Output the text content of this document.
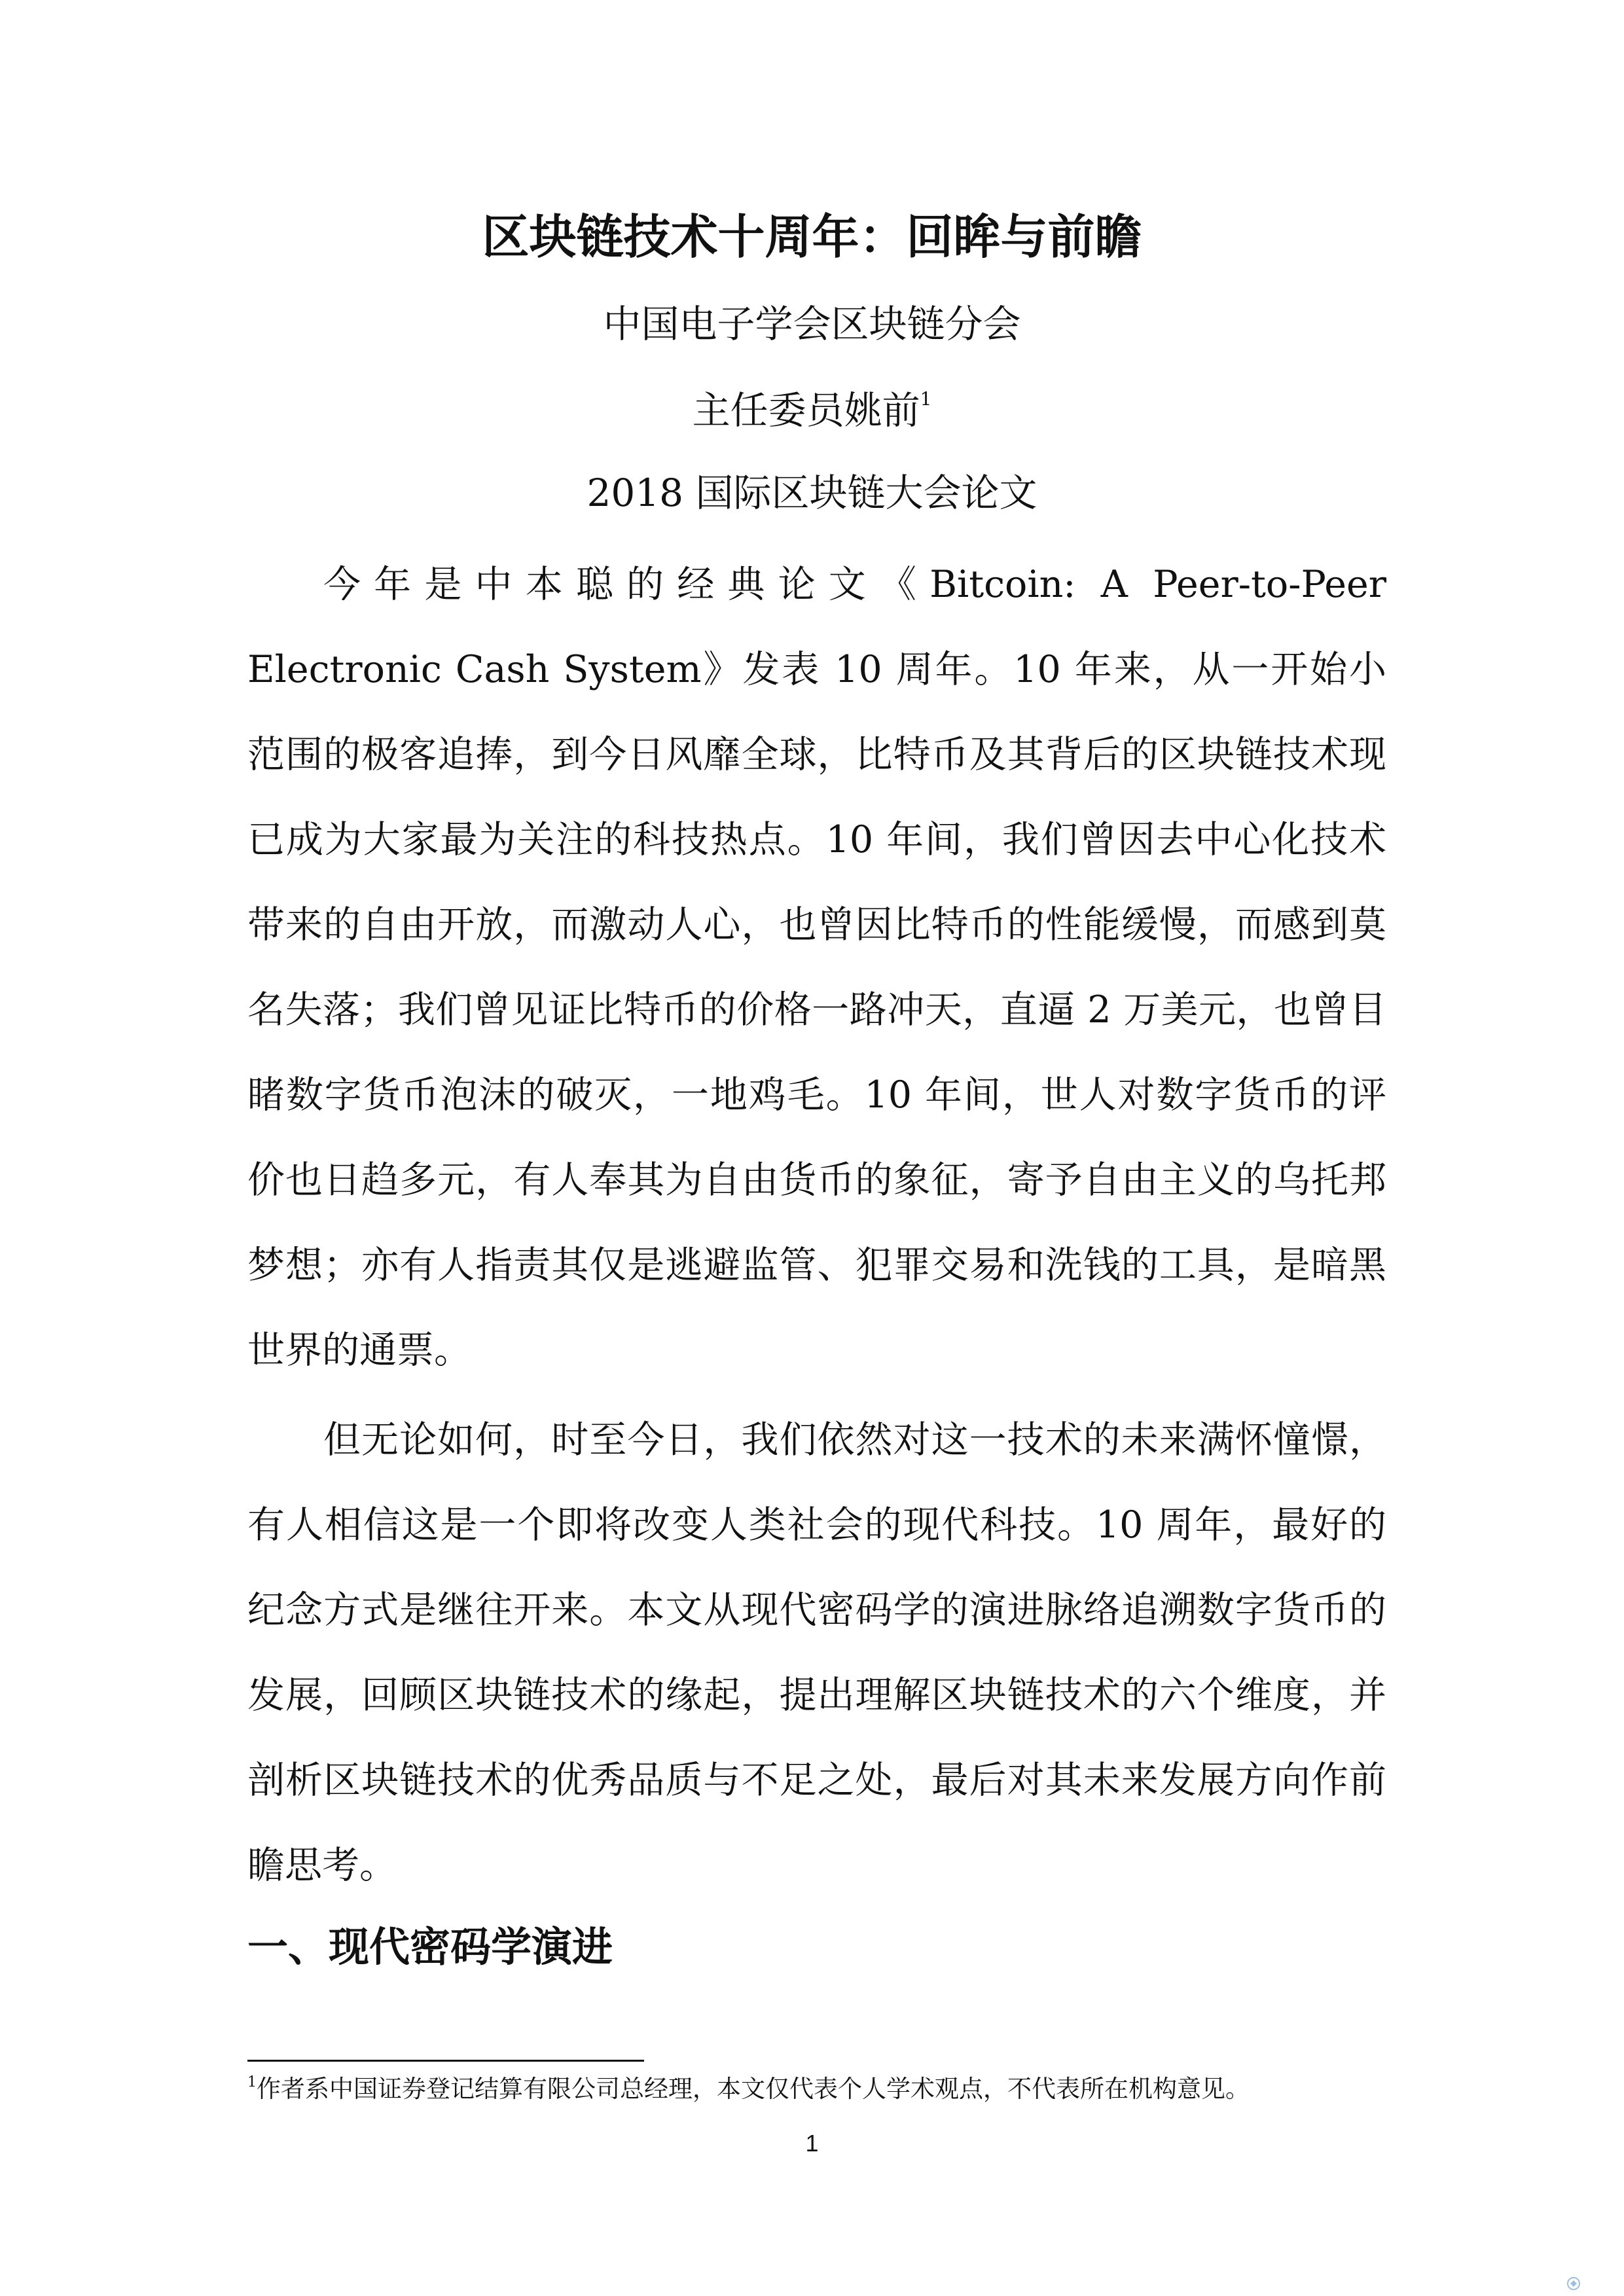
区块链技术十周年：回眸与前瞻
中国电子学会区块链分会
主任委员姚前$^1$
2018 国际区块链大会论文

今年是中本聪的经典论文《Bitcoin: A Peer-to-Peer Electronic Cash System》发表 10 周年。10 年来，从一开始小范围的极客追捧，到今日风靡全球，比特币及其背后的区块链技术现已成为大家最为关注的科技热点。10 年间，我们曾因去中心化技术带来的自由开放，而激动人心，也曾因比特币的性能缓慢，而感到莫名失落；我们曾见证比特币的价格一路冲天，直逼 2 万美元，也曾目睹数字货币泡沫的破灭，一地鸡毛。10 年间，世人对数字货币的评价也日趋多元，有人奉其为自由货币的象征，寄予自由主义的乌托邦梦想；亦有人指责其仅是逃避监管、犯罪交易和洗钱的工具，是暗黑世界的通票。

但无论如何，时至今日，我们依然对这一技术的未来满怀憧憬，有人相信这是一个即将改变人类社会的现代科技。10 周年，最好的纪念方式是继往开来。本文从现代密码学的演进脉络追溯数字货币的发展，回顾区块链技术的缘起，提出理解区块链技术的六个维度，并剖析区块链技术的优秀品质与不足之处，最后对其未来发展方向作前瞻思考。

一、现代密码学演进
$^1$作者系中国证券登记结算有限公司总经理，本文仅代表个人学术观点，不代表所在机构意见。
1
